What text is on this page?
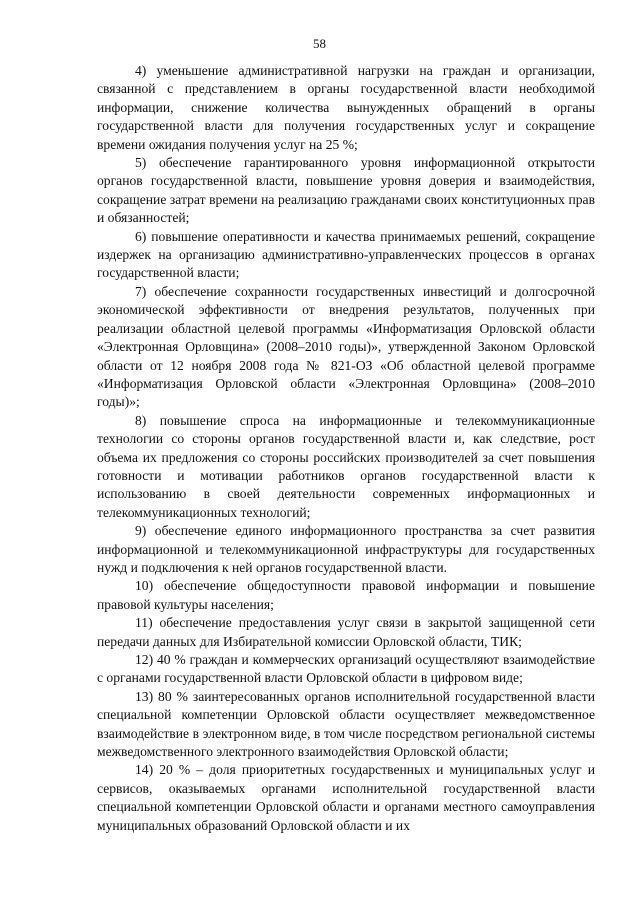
58

4) уменьшение административной нагрузки на граждан и организации, связанной с представлением в органы государственной власти необходимой информации, снижение количества вынужденных обращений в органы государственной власти для получения государственных услуг и сокращение времени ожидания получения услуг на 25 %;

5) обеспечение гарантированного уровня информационной открытости органов государственной власти, повышение уровня доверия и взаимодействия, сокращение затрат времени на реализацию гражданами своих конституционных прав и обязанностей;

6) повышение оперативности и качества принимаемых решений, сокращение издержек на организацию административно-управленческих процессов в органах государственной власти;

7) обеспечение сохранности государственных инвестиций и долгосрочной экономической эффективности от внедрения результатов, полученных при реализации областной целевой программы «Информатизация Орловской области «Электронная Орловщина» (2008–2010 годы)», утвержденной Законом Орловской области от 12 ноября 2008 года № 821-ОЗ «Об областной целевой программе «Информатизация Орловской области «Электронная Орловщина» (2008–2010 годы)»;

8) повышение спроса на информационные и телекоммуникационные технологии со стороны органов государственной власти и, как следствие, рост объема их предложения со стороны российских производителей за счет повышения готовности и мотивации работников органов государственной власти к использованию в своей деятельности современных информационных и телекоммуникационных технологий;

9) обеспечение единого информационного пространства за счет развития информационной и телекоммуникационной инфраструктуры для государственных нужд и подключения к ней органов государственной власти.

10) обеспечение общедоступности правовой информации и повышение правовой культуры населения;

11) обеспечение предоставления услуг связи в закрытой защищенной сети передачи данных для Избирательной комиссии Орловской области, ТИК;

12) 40 % граждан и коммерческих организаций осуществляют взаимодействие с органами государственной власти Орловской области в цифровом виде;

13) 80 % заинтересованных органов исполнительной государственной власти специальной компетенции Орловской области осуществляет межведомственное взаимодействие в электронном виде, в том числе посредством региональной системы межведомственного электронного взаимодействия Орловской области;

14) 20 % – доля приоритетных государственных и муниципальных услуг и сервисов, оказываемых органами исполнительной государственной власти специальной компетенции Орловской области и органами местного самоуправления муниципальных образований Орловской области и их
